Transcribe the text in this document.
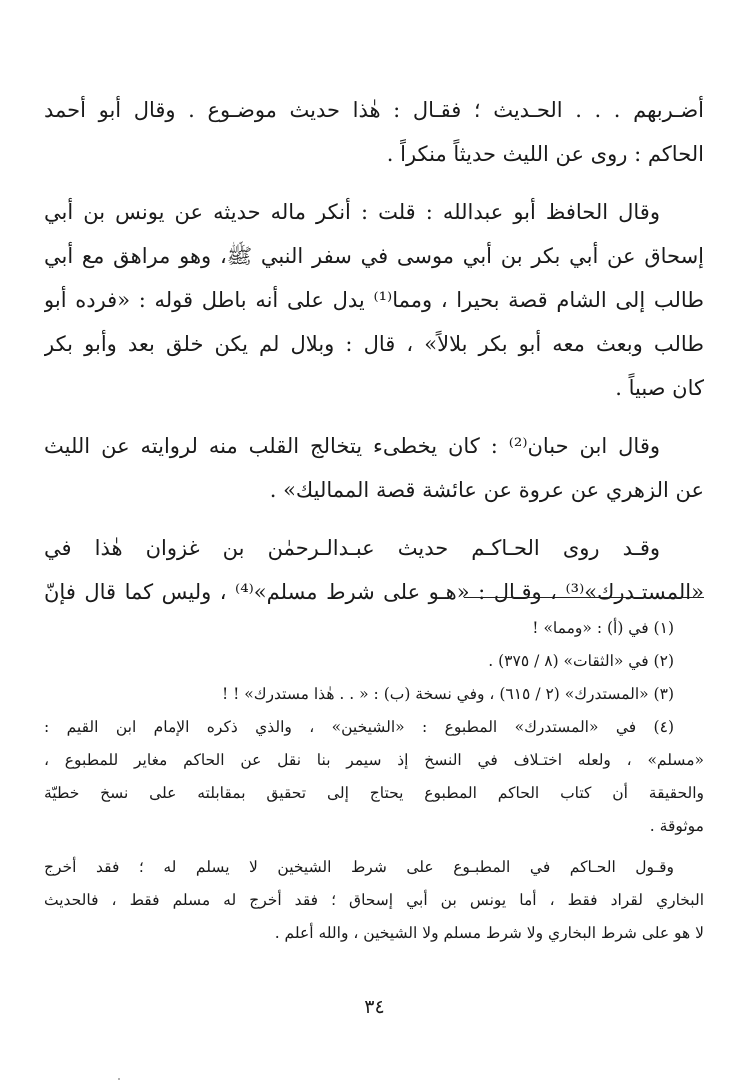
أضـربهم . . . الحـديث ؛ فقـال : هٰذا حديث موضـوع . وقال أبو أحمد
الحاكم : روى عن الليث حديثاً منكراً .
وقال الحافظ أبو عبدالله : قلت : أنكر ماله حديثه عن يونس بن أبي
إسحاق عن أبي بكر بن أبي موسى في سفر النبي ﷺ، وهو مراهق مع أبي
طالب إلى الشام قصة بحيرا ، ومما⁽¹⁾ يدل على أنه باطل قوله : «فرده أبو
طالب وبعث معه أبو بكر بلالاً» ، قال : وبلال لم يكن خلق بعد وأبو بكر
كان صبياً .
وقال ابن حبان⁽²⁾ : كان يخطىء يتخالج القلب منه لروايته عن الليث
عن الزهري عن عروة عن عائشة قصة المماليك» .
وقـد روى الحـاكـم حديث عبـدالـرحمٰن بن غزوان هٰذا في
«المستـدرك»⁽³⁾ ، وقـال : «هـو على شرط مسلم»⁽⁴⁾ ، وليس كما قال فإنّ
(١) في (أ) : «ومما» !
(٢) في «الثقات» (٨ / ٣٧٥) .
(٣) «المستدرك» (٢ / ٦١٥) ، وفي نسخة (ب) : « . . هٰذا مستدرك» ! !
(٤) في «المستدرك» المطبوع : «الشيخين» ، والذي ذكره الإمام ابن القيم :
«مسلم» ، ولعله اختـلاف في النسخ إذ سيمر بنا نقل عن الحاكم مغاير للمطبوع ،
والحقيقة أن كتاب الحاكم المطبوع يحتاج إلى تحقيق بمقابلته على نسخ خطيّة
موثوقة .
وقـول الحـاكم في المطبـوع على شرط الشيخين لا يسلم له ؛ فقد أخرج
البخاري لقراد فقط ، أما يونس بن أبي إسحاق ؛ فقد أخرج له مسلم فقط ، فالحديث
لا هو على شرط البخاري ولا شرط مسلم ولا الشيخين ، والله أعلم .
٣٤
